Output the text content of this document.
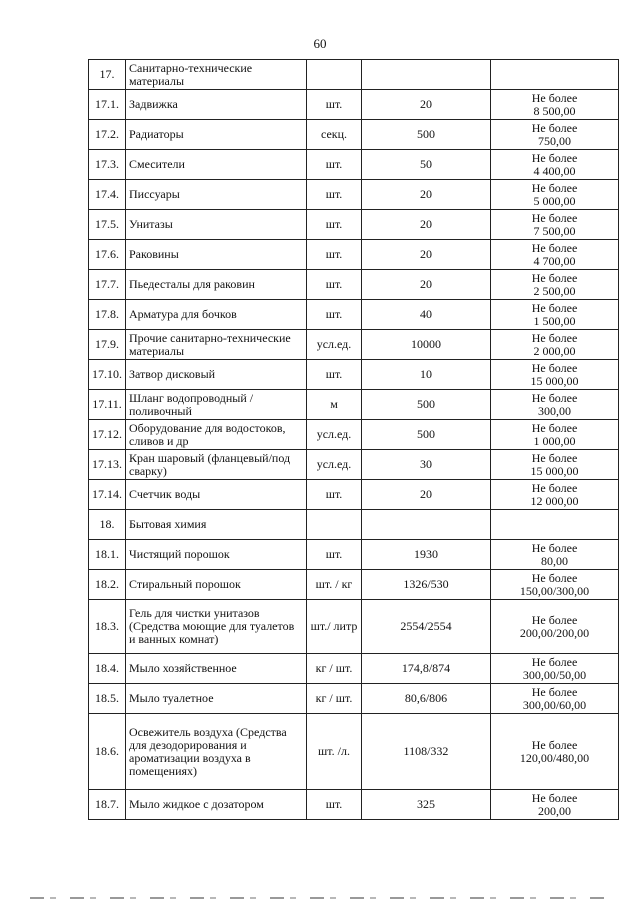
60
17.	Санитарно-технические материалы			

17.1.	Задвижка	шт.	20	Не более
8 500,00

17.2.	Радиаторы	секц.	500	Не более
750,00

17.3.	Смесители	шт.	50	Не более
4 400,00

17.4.	Писсуары	шт.	20	Не более
5 000,00

17.5.	Унитазы	шт.	20	Не более
7 500,00

17.6.	Раковины	шт.	20	Не более
4 700,00

17.7.	Пьедесталы для раковин	шт.	20	Не более
2 500,00

17.8.	Арматура для бочков	шт.	40	Не более
1 500,00

17.9.	Прочие санитарно-технические материалы	усл.ед.	10000	Не более
2 000,00

17.10.	Затвор дисковый	шт.	10	Не более
15 000,00

17.11.	Шланг водопроводный /поливочный	м	500	Не более
300,00

17.12.	Оборудование для водостоков, сливов и др	усл.ед.	500	Не более
1 000,00

17.13.	Кран шаровый (фланцевый/под сварку)	усл.ед.	30	Не более
15 000,00

17.14.	Счетчик воды	шт.	20	Не более
12 000,00

18.	Бытовая химия			

18.1.	Чистящий порошок	шт.	1930	Не более
80,00

18.2.	Стиральный порошок	шт. / кг	1326/530	Не более
150,00/300,00

18.3.	Гель для чистки унитазов (Средства моющие для туалетов и ванных комнат)	шт./ литр	2554/2554	Не более
200,00/200,00

18.4.	Мыло хозяйственное	кг / шт.	174,8/874	Не более
300,00/50,00

18.5.	Мыло туалетное	кг / шт.	80,6/806	Не более
300,00/60,00

18.6.	Освежитель воздуха (Средства для дезодорирования и ароматизации воздуха в помещениях)	шт. /л.	1108/332	Не более
120,00/480,00

18.7.	Мыло жидкое с дозатором	шт.	325	Не более
200,00
